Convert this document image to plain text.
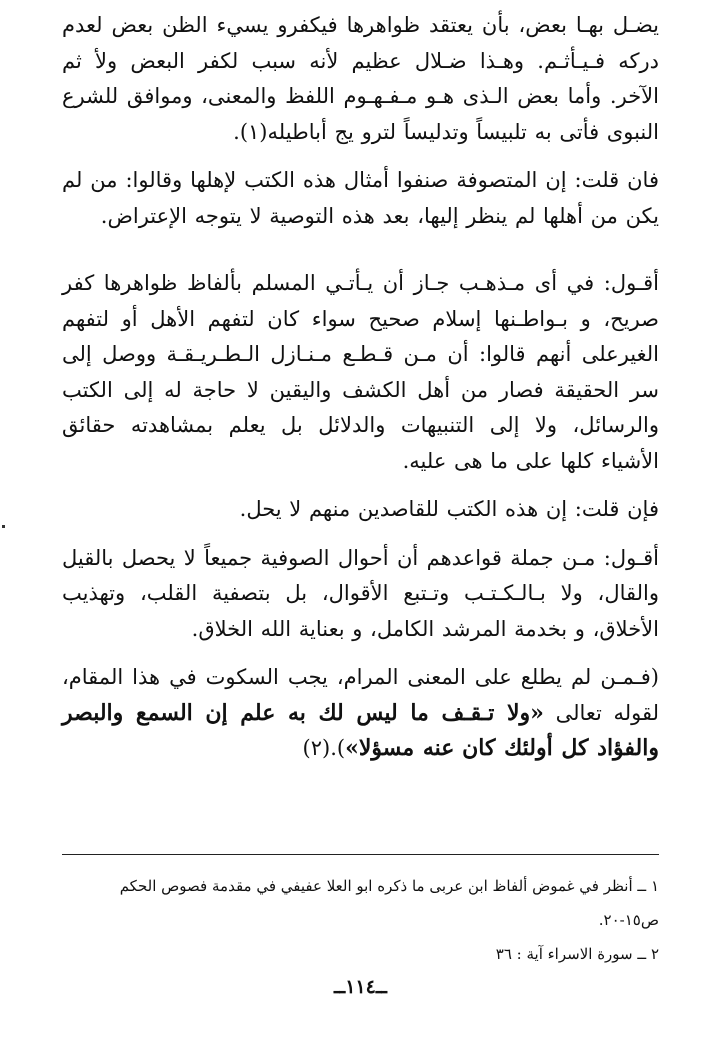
يضـل بهـا بعض، بأن يعتقد ظواهرها فيكفرو يسيء الظن بعض لعدم دركه فـيـأثـم. وهـذا ضـلال عظيم لأنه سبب لكفر البعض ولأ ثم الآخر. وأما بعض الـذى هـو مـفـهـوم اللفظ والمعنى، وموافق للشرع النبوى فأتى به تلبيساً وتدليساً لترو يج أباطيله(١).

فان قلت: إن المتصوفة صنفوا أمثال هذه الكتب لإهلها وقالوا: من لم يكن من أهلها لم ينظر إليها، بعد هذه التوصية لا يتوجه الإعتراض.

أقـول: في أى مـذهـب جـاز أن يـأتـي المسلم بألفاظ ظواهرها كفر صريح، و بـواطـنها إسلام صحيح سواء كان لتفهم الأهل أو لتفهم الغيرعلى أنهم قالوا: أن مـن قـطـع مـنـازل الـطـريـقـة ووصل إلى سر الحقيقة فصار من أهل الكشف واليقين لا حاجة له إلى الكتب والرسائل، ولا إلى التنبيهات والدلائل بل يعلم بمشاهدته حقائق الأشياء كلها على ما هى عليه.

فإن قلت: إن هذه الكتب للقاصدين منهم لا يحل.

أقـول: مـن جملة قواعدهم أن أحوال الصوفية جميعاً لا يحصل بالقيل والقال، ولا بـالـكـتـب وتـتبع الأقوال، بل بتصفية القلب، وتهذيب الأخلاق، و بخدمة المرشد الكامل، و بعناية الله الخلاق.

(فـمـن لم يطلع على المعنى المرام، يجب السكوت في هذا المقام، لقوله تعالى «ولا تـقـف ما ليس لك به علم إن السمع والبصر والفؤاد كل أولئك كان عنه مسؤلا»).(٢)

١ ــ أنظر في غموض ألفاظ ابن عربى ما ذكره ابو العلا عفيفي في مقدمة فصوص الحكم ص١٥-٢٠.

٢ ــ سورة الاسراء آية : ٣٦

ــ١١٤ــ
